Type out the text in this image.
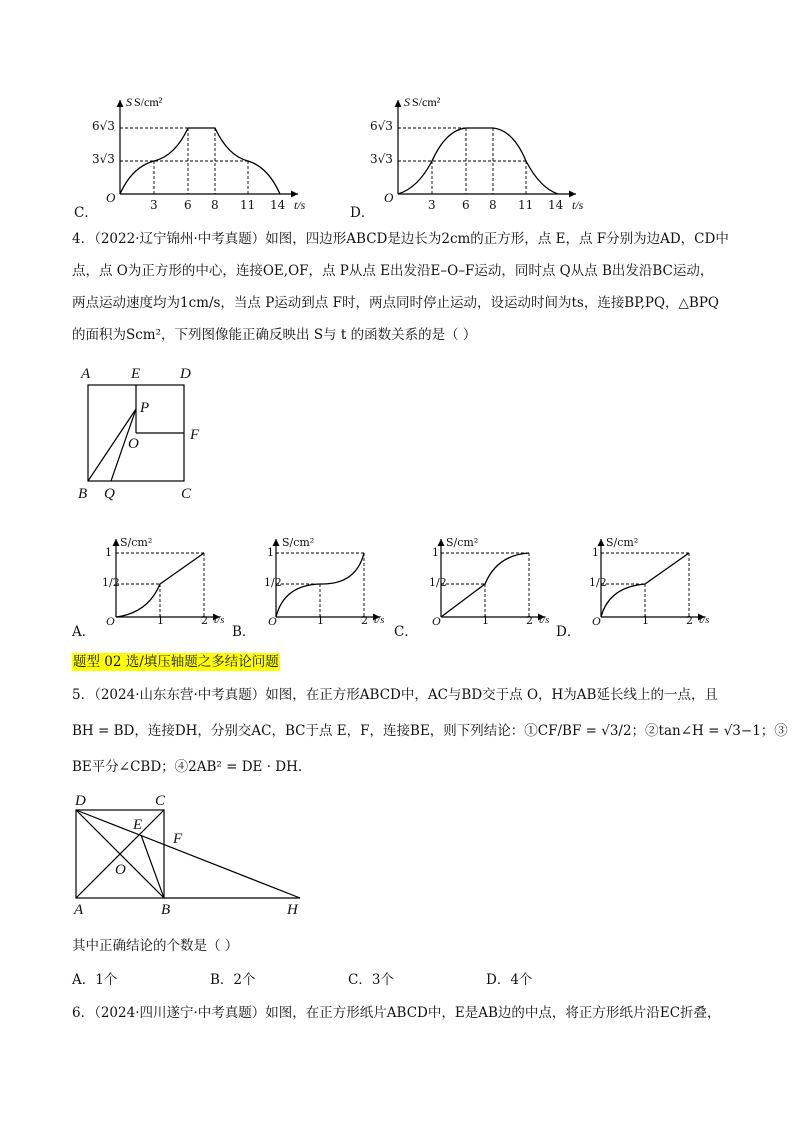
S S/cm²
C．
O
6√3
3√3
3 6 8 11 14 t/s
S S/cm²
D．
O
6√3
3√3
3 6 8 11 14 t/s
4．（2022·辽宁锦州·中考真题）如图，四边形ABCD是边长为2cm的正方形，点 E，点 F分别为边AD，CD中
点，点 O为正方形的中心，连接OE,OF，点 P从点 E出发沿E–O–F运动，同时点 Q从点 B出发沿BC运动，
两点运动速度均为1cm/s，当点 P运动到点 F时，两点同时停止运动，设运动时间为ts，连接BP,PQ，△BPQ
的面积为Scm²，下列图像能正确反映出 S与 t 的函数关系的是（ ）
A	E	D
P
O
F
B Q	C
S/cm²	S/cm²	S/cm²	S/cm²
1	1	1	1
1/2	1/2	1/2	1/2
O	O	O	O
1	2	1	2	1	2	1	2
t/s	t/s	t/s	t/s
A．	B．	C．	D．
题型 02 选/填压轴题之多结论问题
5．（2024·山东东营·中考真题）如图，在正方形ABCD中，AC与BD交于点 O，H为AB延长线上的一点，且
BH = BD，连接DH，分别交AC，BC于点 E，F，连接BE，则下列结论：①CF/BF = √3/2；②tan∠H = √3−1；③
BE平分∠CBD；④2AB² = DE · DH.
D	C
E
F
O
A	B	H
其中正确结论的个数是（ ）
A．1个	B．2个	C．3个	D．4个
6．（2024·四川遂宁·中考真题）如图，在正方形纸片ABCD中，E是AB边的中点，将正方形纸片沿EC折叠，
